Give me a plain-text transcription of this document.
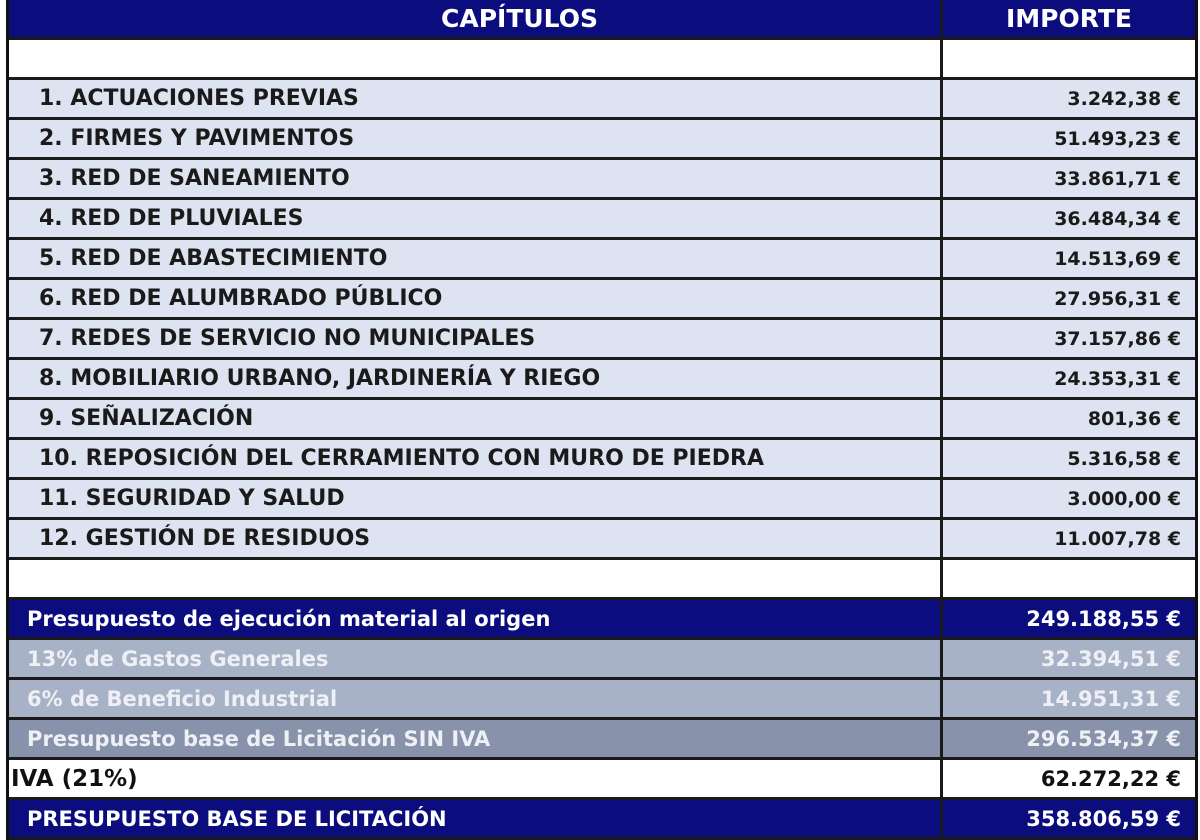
CAPÍTULOS	IMPORTE
1. ACTUACIONES PREVIAS	3.242,38 €
2. FIRMES Y PAVIMENTOS	51.493,23 €
3. RED DE SANEAMIENTO	33.861,71 €
4. RED DE PLUVIALES	36.484,34 €
5. RED DE ABASTECIMIENTO	14.513,69 €
6. RED DE ALUMBRADO PÚBLICO	27.956,31 €
7. REDES DE SERVICIO NO MUNICIPALES	37.157,86 €
8. MOBILIARIO URBANO, JARDINERÍA Y RIEGO	24.353,31 €
9. SEÑALIZACIÓN	801,36 €
10. REPOSICIÓN DEL CERRAMIENTO CON MURO DE PIEDRA	5.316,58 €
11. SEGURIDAD Y SALUD	3.000,00 €
12. GESTIÓN DE RESIDUOS	11.007,78 €
Presupuesto de ejecución material al origen	249.188,55 €
13% de Gastos Generales	32.394,51 €
6% de Beneficio Industrial	14.951,31 €
Presupuesto base de Licitación SIN IVA	296.534,37 €
IVA (21%)	62.272,22 €
PRESUPUESTO BASE DE LICITACIÓN	358.806,59 €
